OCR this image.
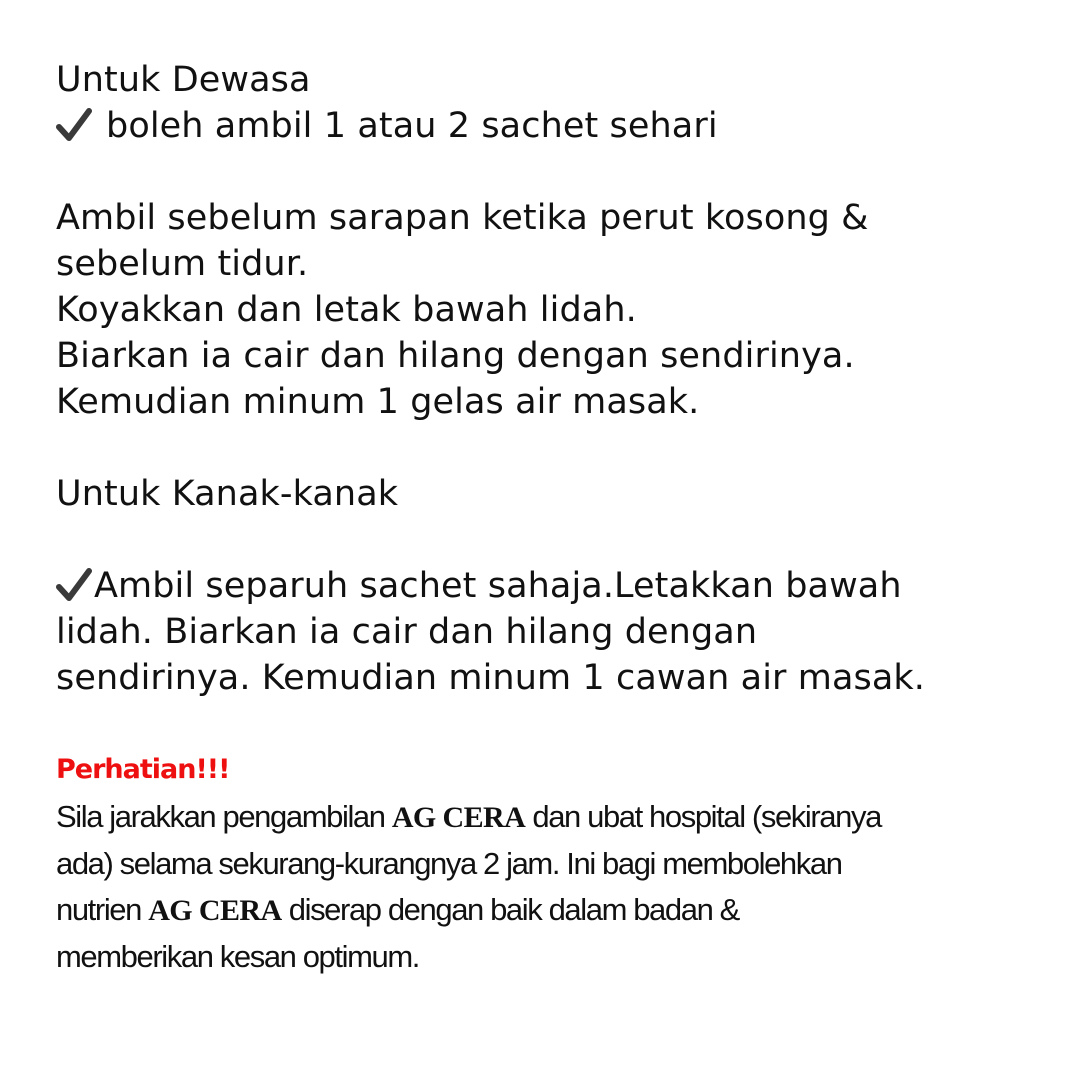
Untuk Dewasa
boleh ambil 1 atau 2 sachet sehari
Ambil sebelum sarapan ketika perut kosong &
sebelum tidur.
Koyakkan dan letak bawah lidah.
Biarkan ia cair dan hilang dengan sendirinya.
Kemudian minum 1 gelas air masak.
Untuk Kanak-kanak
Ambil separuh sachet sahaja.Letakkan bawah
lidah. Biarkan ia cair dan hilang dengan
sendirinya. Kemudian minum 1 cawan air masak.
Perhatian!!!
Sila jarakkan pengambilan AG CERA dan ubat hospital (sekiranya
ada) selama sekurang-kurangnya 2 jam. Ini bagi membolehkan
nutrien AG CERA diserap dengan baik dalam badan &
memberikan kesan optimum.
